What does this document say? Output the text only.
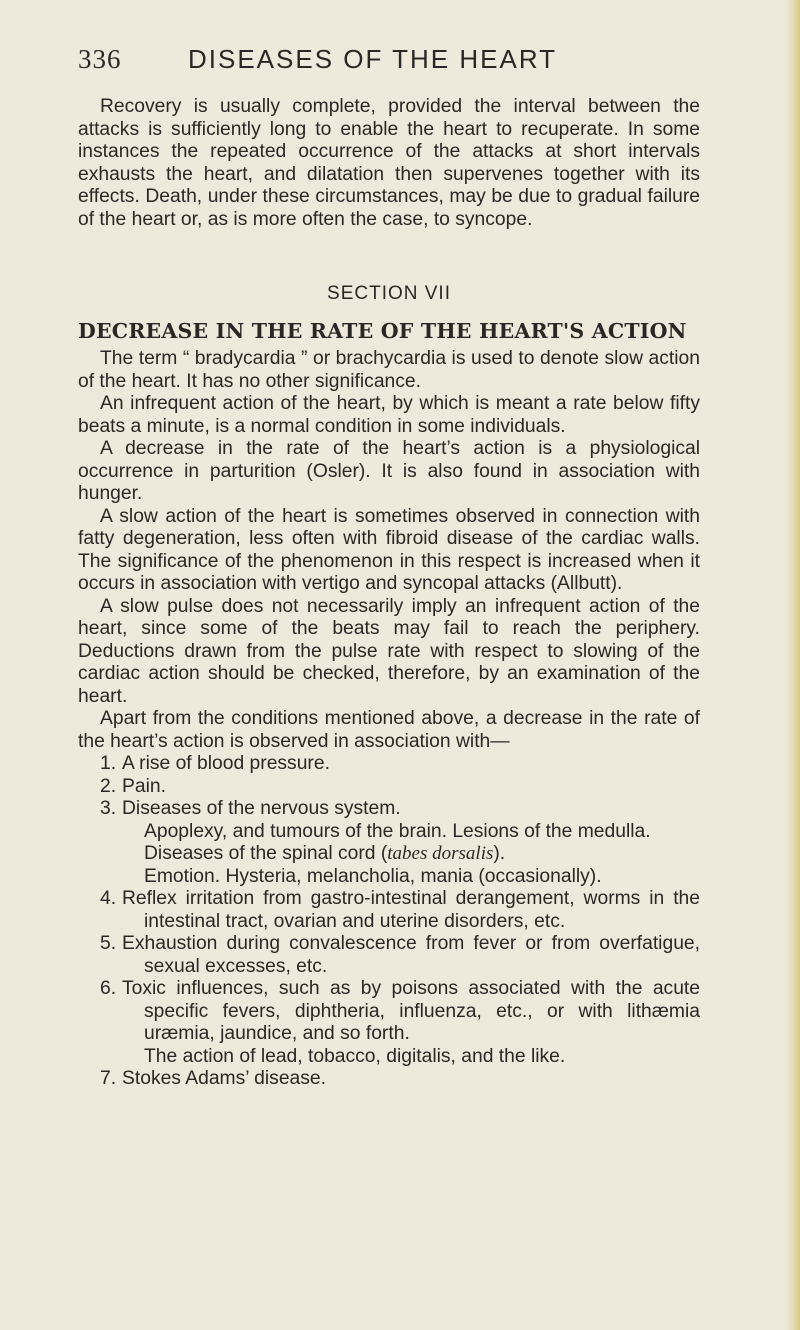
336	DISEASES OF THE HEART

Recovery is usually complete, provided the interval between the attacks is sufficiently long to enable the heart to recuperate. In some instances the repeated occurrence of the attacks at short intervals exhausts the heart, and dilatation then supervenes together with its effects. Death, under these circumstances, may be due to gradual failure of the heart or, as is more often the case, to syncope.

SECTION VII
DECREASE IN THE RATE OF THE HEART'S ACTION

The term “ bradycardia ” or brachycardia is used to denote slow action of the heart. It has no other significance.

An infrequent action of the heart, by which is meant a rate below fifty beats a minute, is a normal condition in some individuals.

A decrease in the rate of the heart’s action is a physiological occurrence in parturition (Osler). It is also found in association with hunger.

A slow action of the heart is sometimes observed in connection with fatty degeneration, less often with fibroid disease of the cardiac walls. The significance of the phenomenon in this respect is increased when it occurs in association with vertigo and syncopal attacks (Allbutt).

A slow pulse does not necessarily imply an infrequent action of the heart, since some of the beats may fail to reach the periphery. Deductions drawn from the pulse rate with respect to slowing of the cardiac action should be checked, therefore, by an examination of the heart.

Apart from the conditions mentioned above, a decrease in the rate of the heart’s action is observed in association with—

1. A rise of blood pressure.
2. Pain.
3. Diseases of the nervous system.
Apoplexy, and tumours of the brain. Lesions of the medulla.
Diseases of the spinal cord (tabes dorsalis).
Emotion. Hysteria, melancholia, mania (occasionally).
4. Reflex irritation from gastro-intestinal derangement, worms in the intestinal tract, ovarian and uterine disorders, etc.
5. Exhaustion during convalescence from fever or from overfatigue, sexual excesses, etc.
6. Toxic influences, such as by poisons associated with the acute specific fevers, diphtheria, influenza, etc., or with lithæmia uræmia, jaundice, and so forth.
The action of lead, tobacco, digitalis, and the like.
7. Stokes Adams’ disease.
